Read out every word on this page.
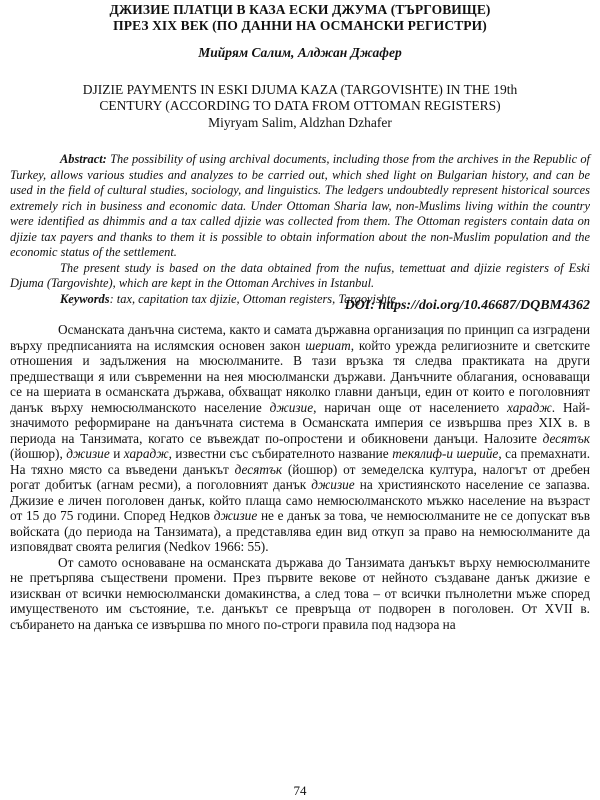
ДЖИЗИЕ ПЛАТЦИ В КАЗА ЕСКИ ДЖУМА (ТЪРГОВИЩЕ)
ПРЕЗ XIX ВЕК (ПО ДАННИ НА ОСМАНСКИ РЕГИСТРИ)
Мийрям Салим, Алджан Джафер
DJIZIE PAYMENTS IN ESKI DJUMA KAZA (TARGOVISHTE) IN THE 19th
CENTURY (ACCORDING TO DATA FROM OTTOMAN REGISTERS)
Miyryam Salim, Aldzhan Dzhafer

Abstract: The possibility of using archival documents, including those from the archives in the Republic of Turkey, allows various studies and analyzes to be carried out, which shed light on Bulgarian history, and can be used in the field of cultural studies, sociology, and linguistics. The ledgers undoubtedly represent historical sources extremely rich in business and economic data. Under Ottoman Sharia law, non-Muslims living within the country were identified as dhimmis and a tax called djizie was collected from them. The Ottoman registers contain data on djizie tax payers and thanks to them it is possible to obtain information about the non-Muslim population and the economic status of the settlement.

The present study is based on the data obtained from the nufus, temettuat and djizie registers of Eski Djuma (Targovishte), which are kept in the Ottoman Archives in Istanbul.

Keywords: tax, capitation tax djizie, Ottoman registers, Targovishte

DOI: https://doi.org/10.46687/DQBM4362

Османската данъчна система, както и самата държавна организация по принцип са изградени върху предписанията на ислямския основен закон шериат, който урежда религиозните и светските отношения и задължения на мюсюлманите. В тази връзка тя следва практиката на други предшестващи я или съвременни на нея мюсюлмански държави. Данъчните облагания, основаващи се на шериата в османската държава, обхващат няколко главни данъци, един от които е поголовният данък върху немюсюлманското население джизие, наричан още от населението харадж. Най-значимото реформиране на данъчната система в Османската империя се извършва през XIX в. в периода на Танзимата, когато се въвеждат по-опростени и обикновени данъци. Налозите десятък (йошюр), джизие и харадж, известни със събирателното название текялиф-и шерийе, са премахнати. На тяхно място са въведени данъкът десятък (йошюр) от земеделска култура, налогът от дребен рогат добитък (агнам ресми), а поголовният данък джизие на християнското население се запазва. Джизие е личен поголовен данък, който плаща само немюсюлманското мъжко население на възраст от 15 до 75 години. Според Недков джизие не е данък за това, че немюсюлманите не се допускат във войската (до периода на Танзимата), а представлява един вид откуп за право на немюсюлманите да изповядват своята религия (Nedkov 1966: 55).

От самото основаване на османската държава до Танзимата данъкът върху немюсюлманите не претърпява съществени промени. През първите векове от нейното създаване данък джизие е изискван от всички немюсюлмански домакинства, а след това – от всички пълнолетни мъже според имущественото им състояние, т.е. данъкът се превръща от подворен в поголовен. От XVII в. събирането на данъка се извършва по много по-строги правила под надзора на

74
